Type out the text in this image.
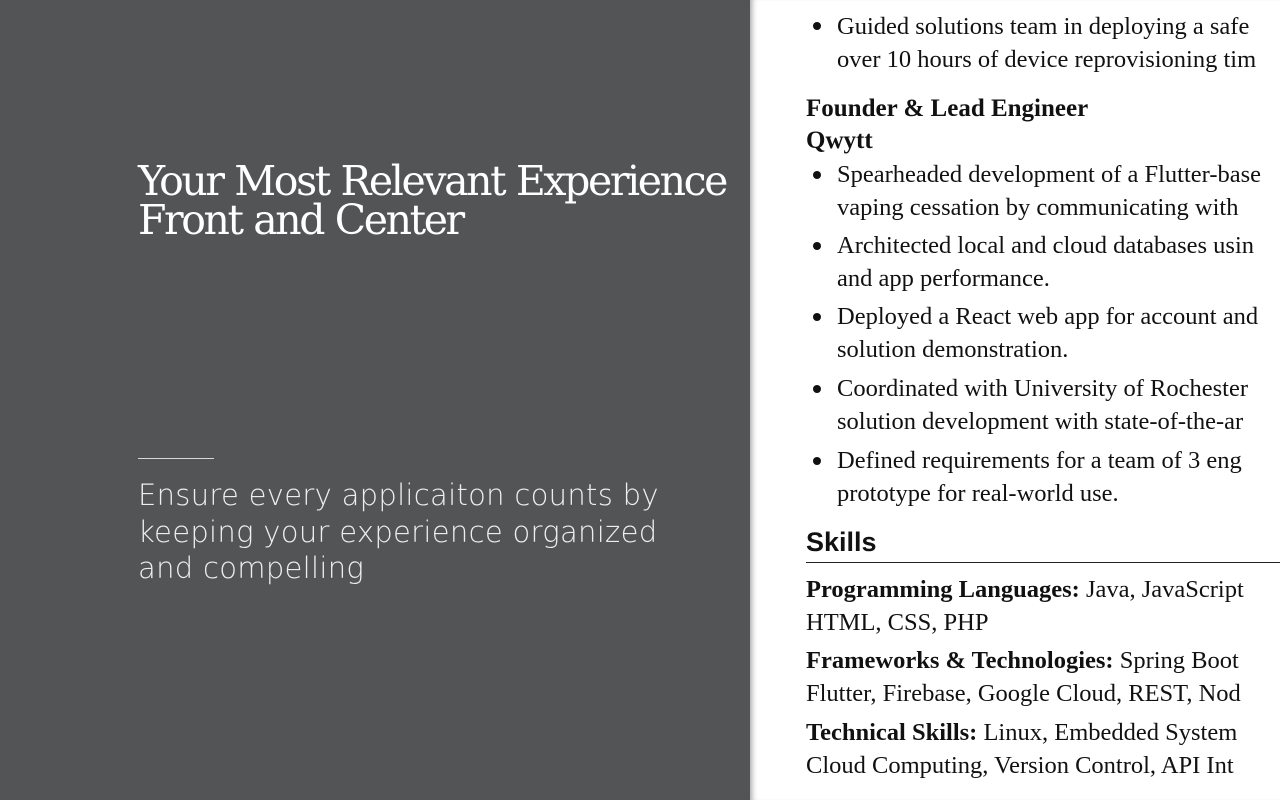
Your Most Relevant Experience
Front and Center

Ensure every applicaiton counts by
keeping your experience organized
and compelling

Guided solutions team in deploying a safe
over 10 hours of device reprovisioning tim
Founder & Lead Engineer
Qwytt
Spearheaded development of a Flutter-base
vaping cessation by communicating with
Architected local and cloud databases usin
and app performance.
Deployed a React web app for account and
solution demonstration.
Coordinated with University of Rochester
solution development with state-of-the-ar
Defined requirements for a team of 3 eng
prototype for real-world use.
Skills
Programming Languages: Java, JavaScript
HTML, CSS, PHP
Frameworks & Technologies: Spring Boot
Flutter, Firebase, Google Cloud, REST, Nod
Technical Skills: Linux, Embedded System
Cloud Computing, Version Control, API Int
